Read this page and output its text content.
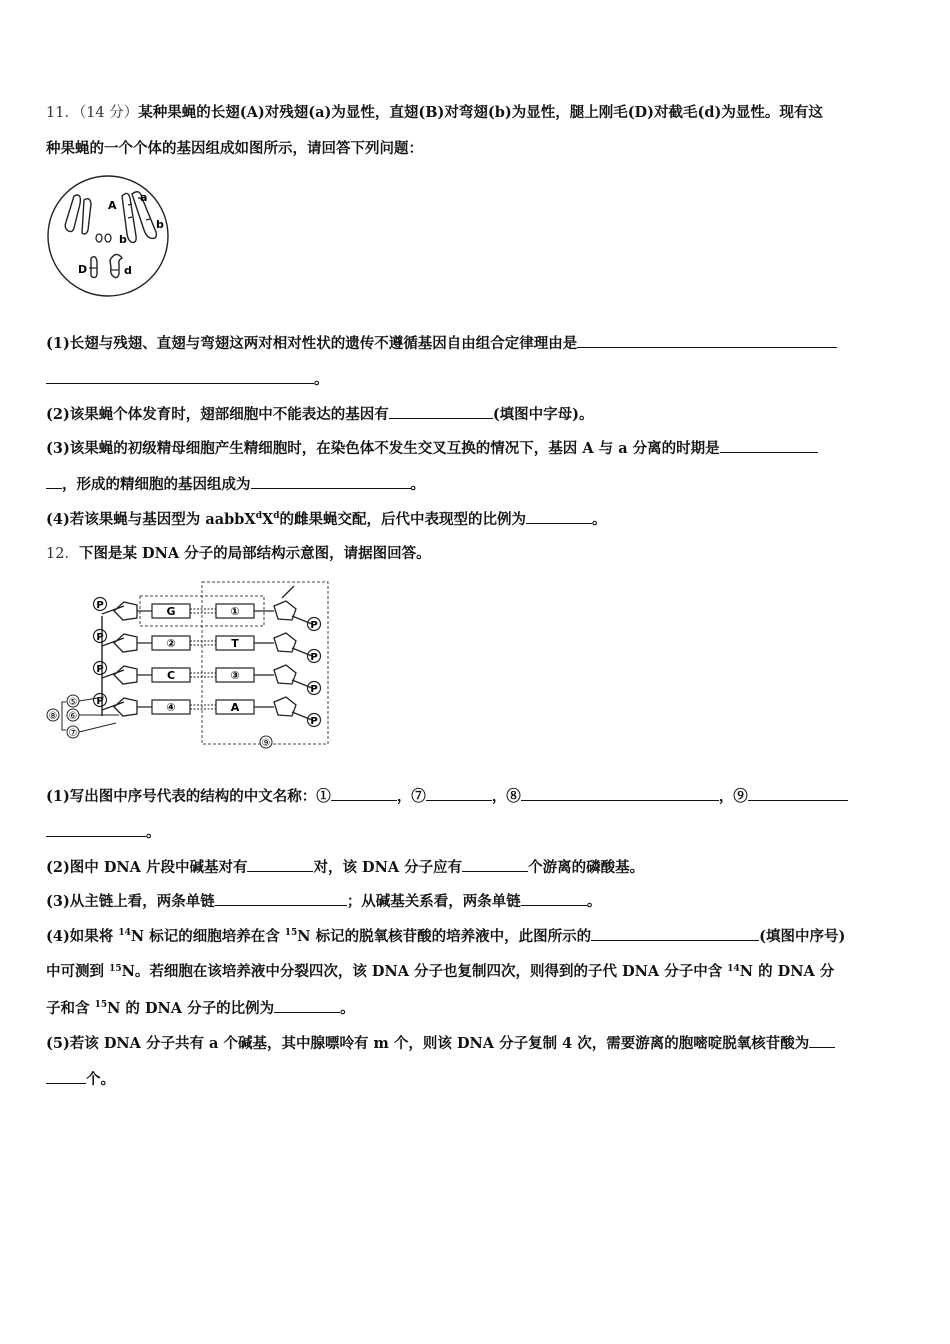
11．（14 分）某种果蝇的长翅(A)对残翅(a)为显性，直翅(B)对弯翅(b)为显性，腿上刚毛(D)对截毛(d)为显性。现有这
种果蝇的一个个体的基因组成如图所示，请回答下列问题：
A
a
b
b
D	d
(1)长翅与残翅、直翅与弯翅这两对相对性状的遗传不遵循基因自由组合定律理由是
。
(2)该果蝇个体发育时，翅部细胞中不能表达的基因有	(填图中字母)。
(3)该果蝇的初级精母细胞产生精细胞时，在染色体不发生交叉互换的情况下，基因 A 与 a 分离的时期是
，形成的精细胞的基因组成为	。
(4)若该果蝇与基因型为 $aabbX^dX^d$的雌果蝇交配，后代中表现型的比例为	。
12．下图是某 DNA 分子的局部结构示意图，请据图回答。
P	G	①
P
P	②	T
P
P	C	③
P
P	④	A
P
⑤
⑥
⑦
⑧
⑨
(1)写出图中序号代表的结构的中文名称：①	，⑦	，⑧	，⑨
。
(2)图中 DNA 片段中碱基对有	对，该 DNA 分子应有	个游离的磷酸基。
(3)从主链上看，两条单链	；从碱基关系看，两条单链	。
(4)如果将 $^{14}$N 标记的细胞培养在含 $^{15}$N 标记的脱氧核苷酸的培养液中，此图所示的	(填图中序号)
中可测到 $^{15}$N。若细胞在该培养液中分裂四次，该 DNA 分子也复制四次，则得到的子代 DNA 分子中含 $^{14}$N 的 DNA 分
子和含 $^{15}$N 的 DNA 分子的比例为	。
(5)若该 DNA 分子共有 a 个碱基，其中腺嘌呤有 m 个，则该 DNA 分子复制 4 次，需要游离的胞嘧啶脱氧核苷酸为
个。
